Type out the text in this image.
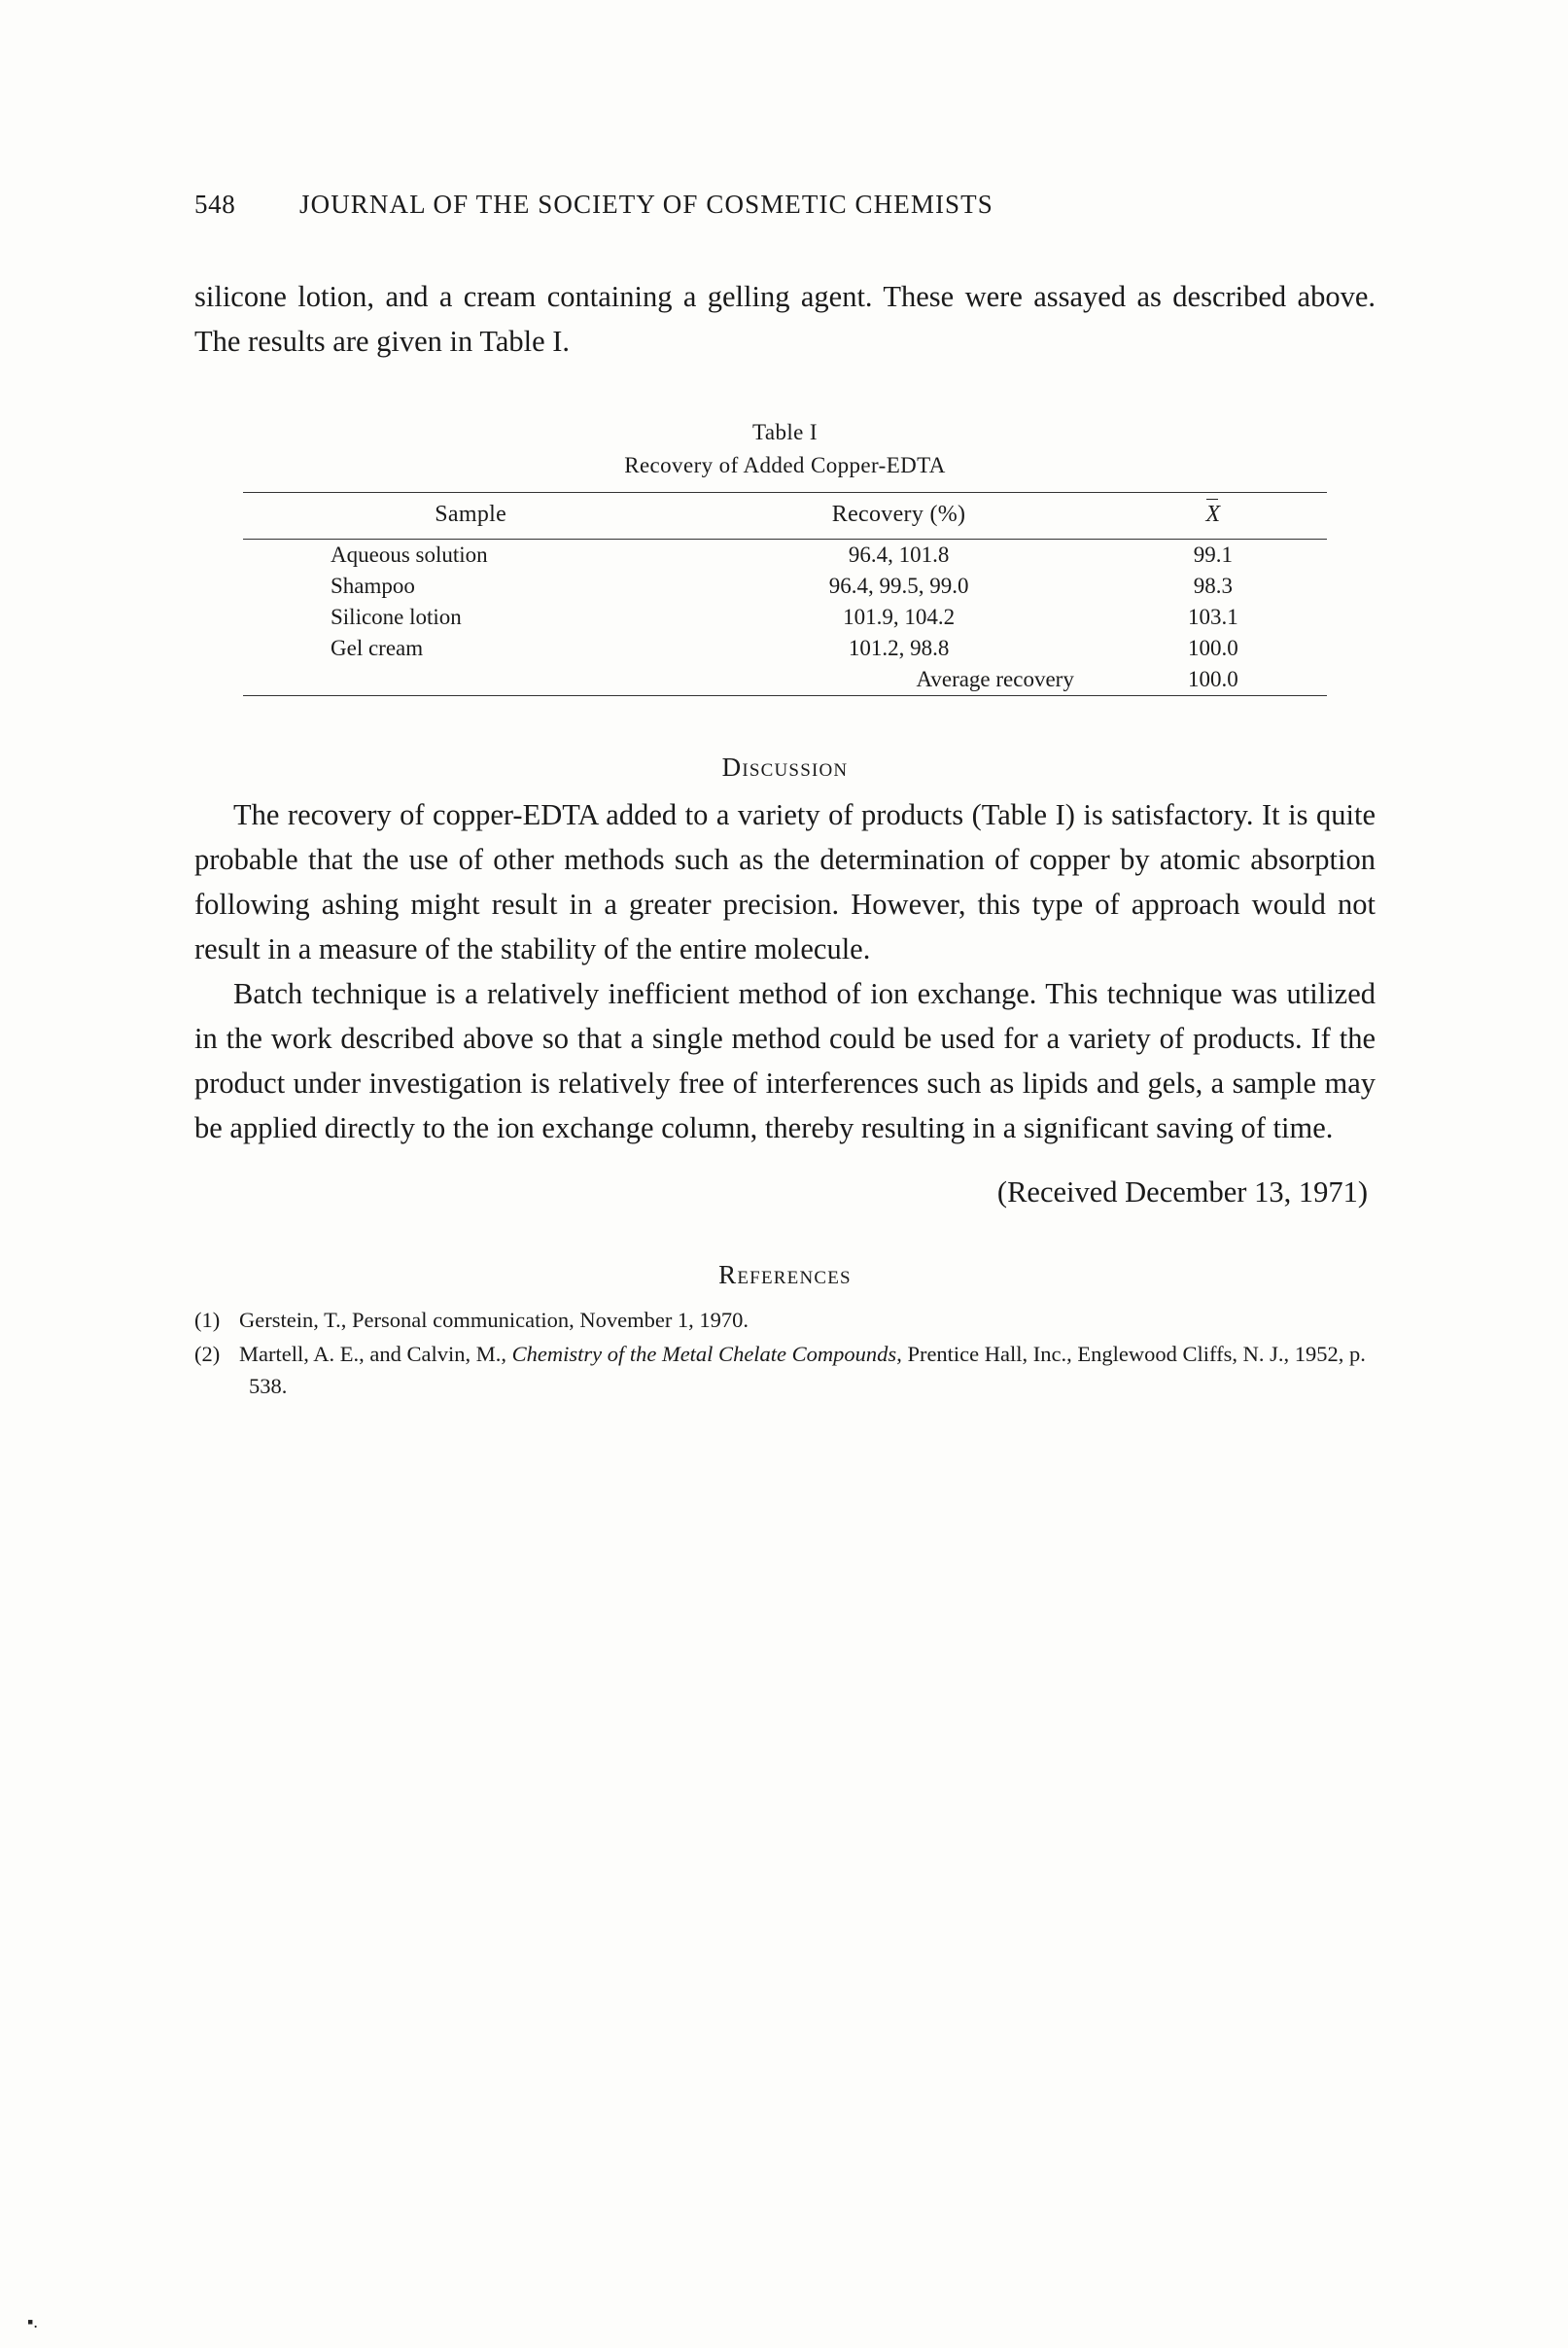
548	JOURNAL OF THE SOCIETY OF COSMETIC CHEMISTS

silicone lotion, and a cream containing a gelling agent. These were assayed as described above. The results are given in Table I.

Table I
Recovery of Added Copper-EDTA
Sample	Recovery (%)	X
Aqueous solution	96.4, 101.8	99.1
Shampoo	96.4, 99.5, 99.0	98.3
Silicone lotion	101.9, 104.2	103.1
Gel cream	101.2, 98.8	100.0
	Average recovery	100.0
Discussion

The recovery of copper-EDTA added to a variety of products (Table I) is satisfactory. It is quite probable that the use of other methods such as the determination of copper by atomic absorption following ashing might result in a greater precision. However, this type of approach would not result in a measure of the stability of the entire molecule.

Batch technique is a relatively inefficient method of ion exchange. This technique was utilized in the work described above so that a single method could be used for a variety of products. If the product under investigation is relatively free of interferences such as lipids and gels, a sample may be applied directly to the ion exchange column, thereby resulting in a significant saving of time.

(Received December 13, 1971)
References
(1) Gerstein, T., Personal communication, November 1, 1970.
(2) Martell, A. E., and Calvin, M., Chemistry of the Metal Chelate Compounds, Prentice Hall, Inc., Englewood Cliffs, N. J., 1952, p. 538.
▪.
